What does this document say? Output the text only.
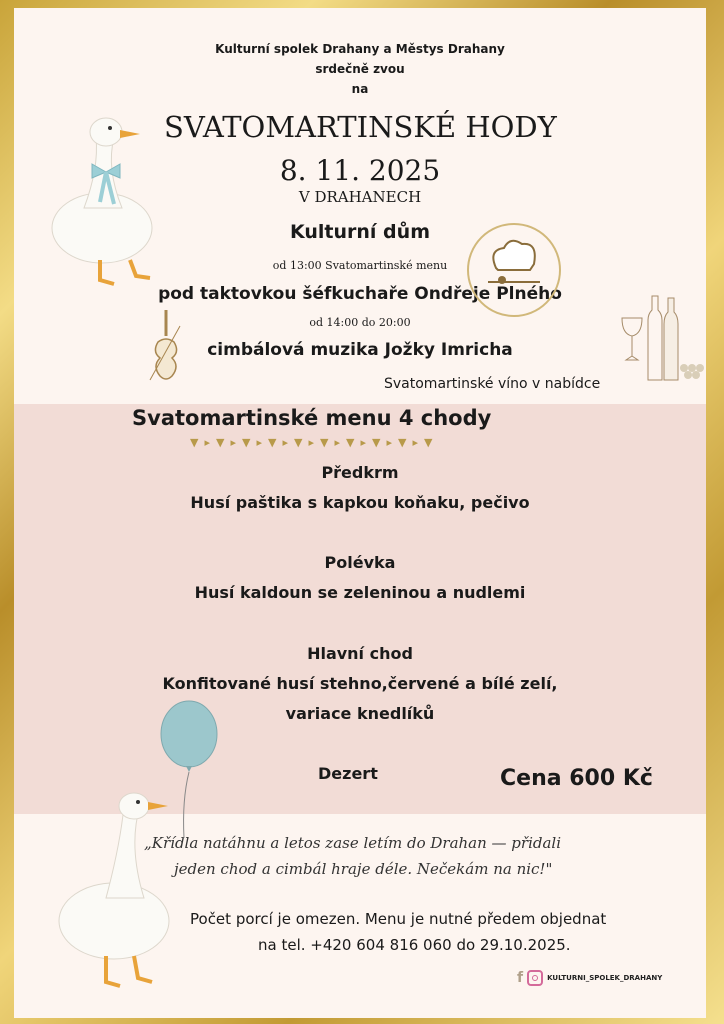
Kulturní spolek Drahany a Městys Drahany
srdečně zvou
na
SVATOMARTINSKÉ HODY
8. 11. 2025
V DRAHANECH
Kulturní dům
od 13:00 Svatomartinské menu
pod taktovkou šéfkuchaře Ondřeje Plného
od 14:00 do 20:00
cimbálová muzika Jožky Imricha
Svatomartinské víno v nabídce
Svatomartinské menu 4 chody
▼ ▸ ▼ ▸ ▼ ▸ ▼ ▸ ▼ ▸ ▼ ▸ ▼ ▸ ▼ ▸ ▼ ▸ ▼
Předkrm
Husí paštika s kapkou koňaku, pečivo
Polévka
Husí kaldoun se zeleninou a nudlemi
Hlavní chod
Konfitované husí stehno,červené a bílé zelí,
variace knedlíků
Dezert	Cena 600 Kč
„Křídla natáhnu a letos zase letím do Drahan — přidali
jeden chod a cimbál hraje déle. Nečekám na nic!"
Počet porcí je omezen. Menu je nutné předem objednat
na tel. +420 604 816 060 do 29.10.2025.
f	KULTURNI_SPOLEK_DRAHANY
